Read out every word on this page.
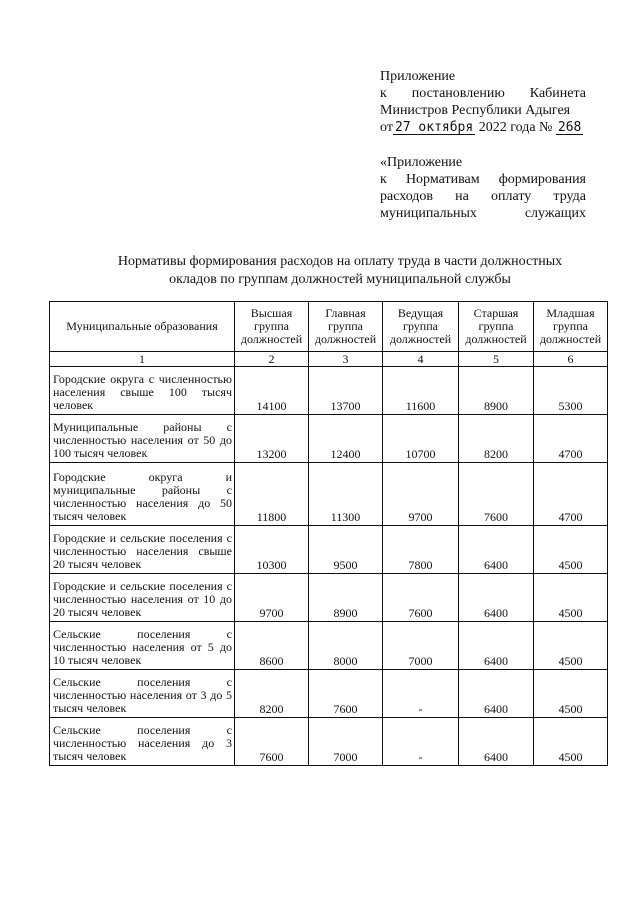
Приложение
к постановлению Кабинета
Министров Республики Адыгея
от 27 октября 2022 года № 268
«Приложение
к Нормативам формирования
расходов на оплату труда
муниципальных служащих
Нормативы формирования расходов на оплату труда в части должностных
окладов по группам должностей муниципальной службы
Муниципальные образования	Высшая группа должностей	Главная группа должностей	Ведущая группа должностей	Старшая группа должностей	Младшая группа должностей
1	2	3	4	5	6
Городские округа с численностью населения свыше 100 тысяч человек	14100	13700	11600	8900	5300
Муниципальные районы с численностью населения от 50 до 100 тысяч человек	13200	12400	10700	8200	4700
Городские округа и муниципальные районы с численностью населения до 50 тысяч человек	11800	11300	9700	7600	4700
Городские и сельские поселения с численностью населения свыше 20 тысяч человек	10300	9500	7800	6400	4500
Городские и сельские поселения с численностью населения от 10 до 20 тысяч человек	9700	8900	7600	6400	4500
Сельские поселения с численностью населения от 5 до 10 тысяч человек	8600	8000	7000	6400	4500
Сельские поселения с численностью населения от 3 до 5 тысяч человек	8200	7600	-	6400	4500
Сельские поселения с численностью населения до 3 тысяч человек	7600	7000	-	6400	4500
